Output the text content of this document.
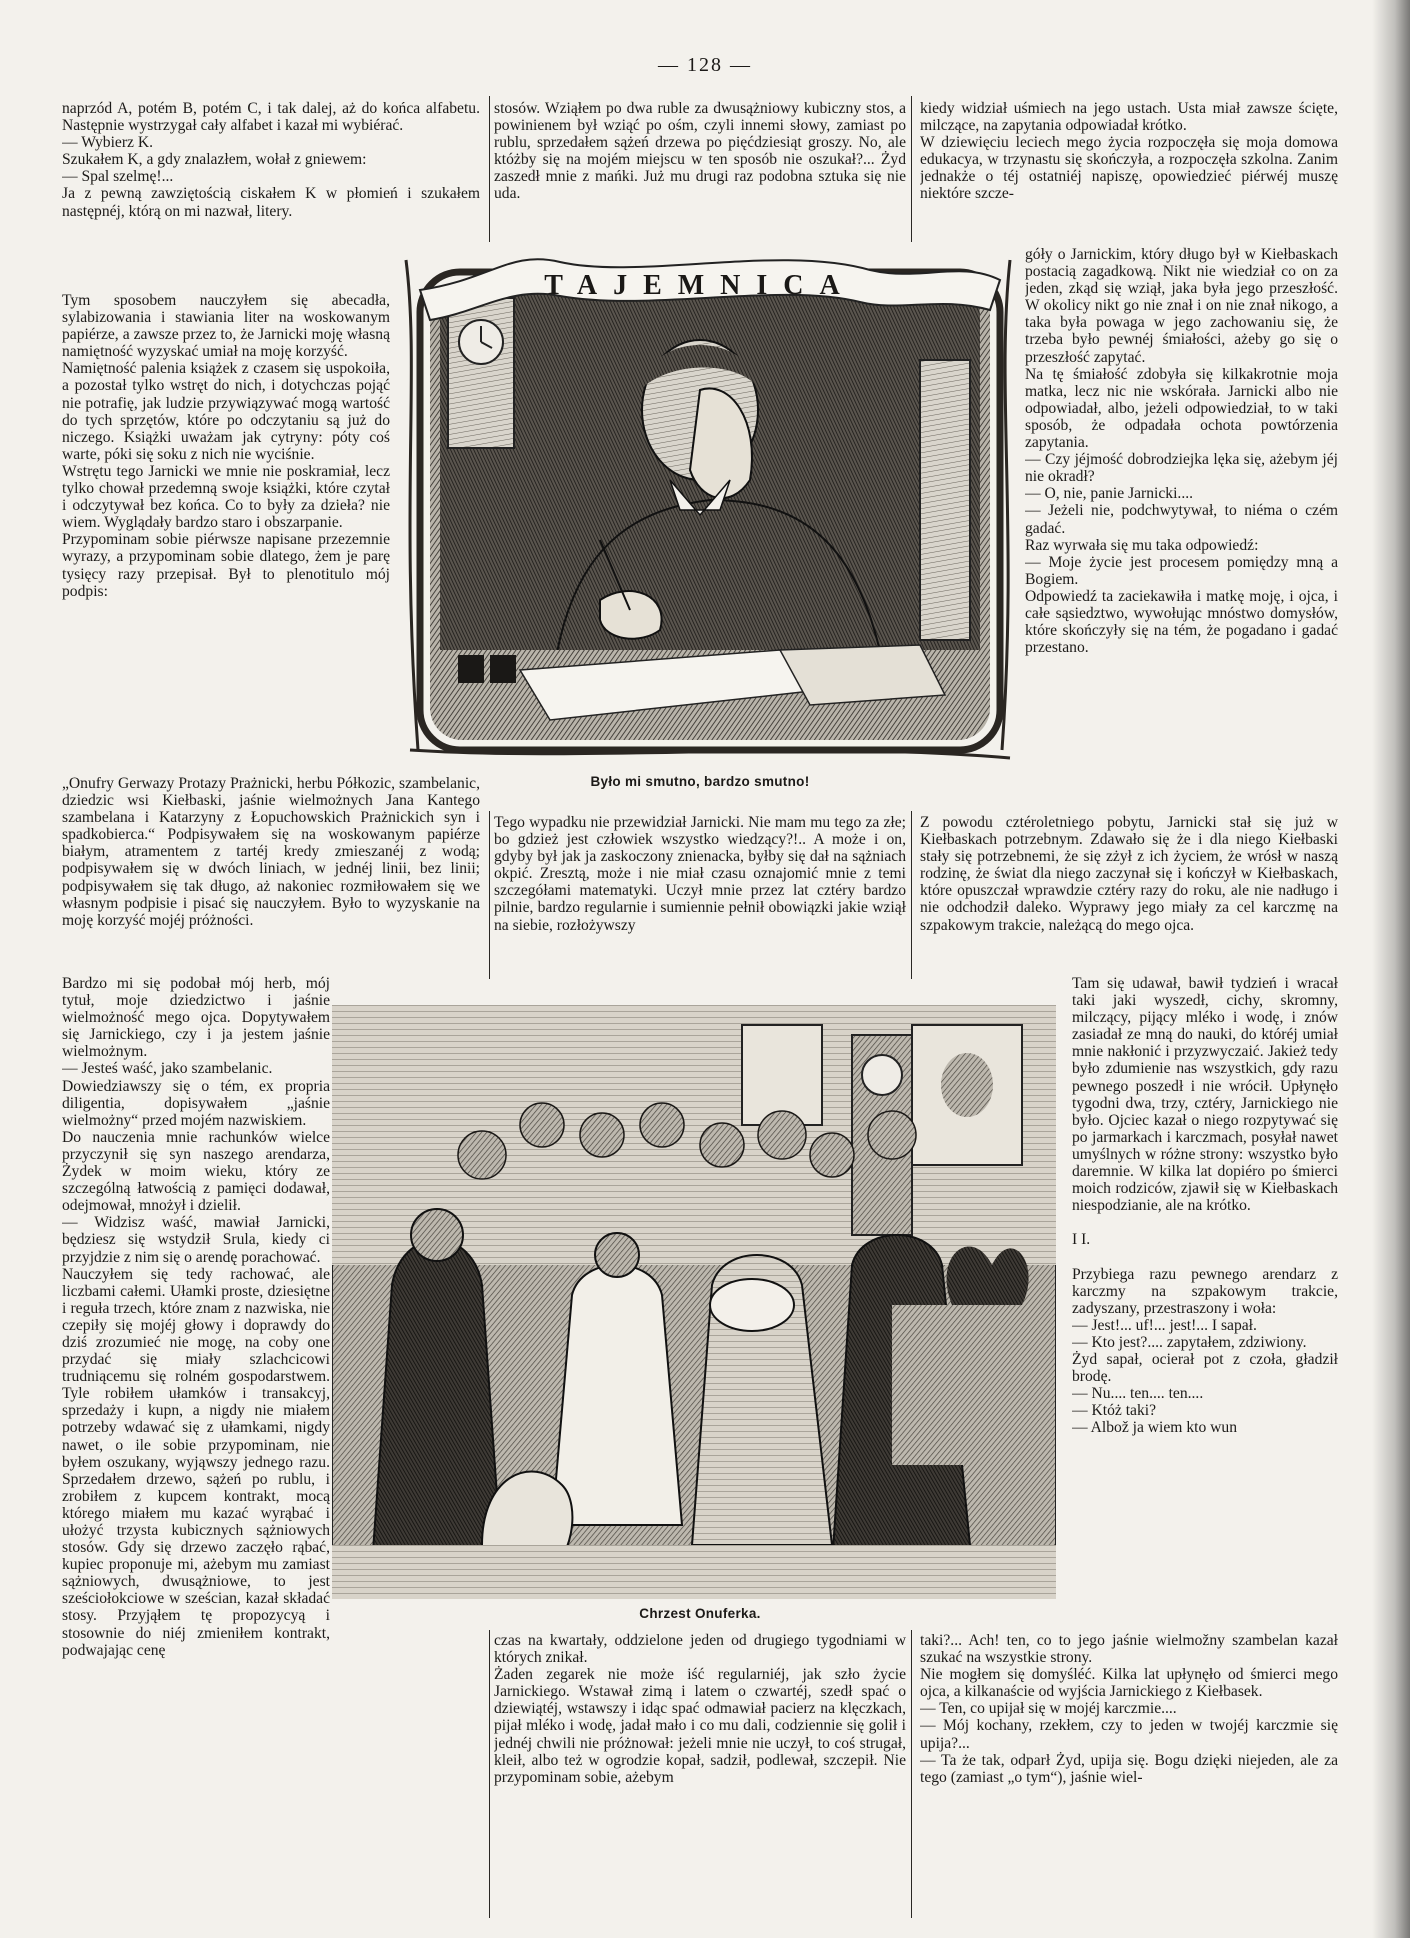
— 128 —
naprzód A, potém B, potém C, i tak dalej, aż do końca alfabetu. Następnie wystrzygał cały alfabet i kazał mi wybiérać.
— Wybierz K.
Szukałem K, a gdy znalazłem, wołał z gniewem:
— Spal szelmę!...
Ja z pewną zawziętością ciskałem K w płomień i szukałem następnéj, którą on mi nazwał, litery.
stosów. Wziąłem po dwa ruble za dwusążniowy kubiczny stos, a powinienem był wziąć po ośm, czyli innemi słowy, zamiast po rublu, sprzedałem sążeń drzewa po pięćdziesiąt groszy. No, ale któżby się na mojém miejscu w ten sposób nie oszukał?... Żyd zaszedł mnie z mańki. Już mu drugi raz podobna sztuka się nie uda.
kiedy widział uśmiech na jego ustach. Usta miał zawsze ścięte, milczące, na zapytania odpowiadał krótko.
W dziewięciu leciech mego życia rozpoczęła się moja domowa edukacya, w trzynastu się skończyła, a rozpoczęła szkolna. Zanim jednakże o téj ostatniéj napiszę, opowiedzieć piérwéj muszę niektóre szcze-
Tym sposobem nauczyłem się abecadła, sylabizowania i stawiania liter na woskowanym papiérze, a zawsze przez to, że Jarnicki moję własną namiętność wyzyskać umiał na moję korzyść.
Namiętność palenia książek z czasem się uspokoiła, a pozostał tylko wstręt do nich, i dotychczas pojąć nie potrafię, jak ludzie przywiązywać mogą wartość do tych sprzętów, które po odczytaniu są już do niczego. Książki uważam jak cytryny: póty coś warte, póki się soku z nich nie wyciśnie.
Wstrętu tego Jarnicki we mnie nie poskramiał, lecz tylko chował przedemną swoje książki, które czytał i odczytywał bez końca. Co to były za dzieła? nie wiem. Wyglądały bardzo staro i obszarpanie.
Przypominam sobie piérwsze napisane przezemnie wyrazy, a przypominam sobie dlatego, żem je parę tysięcy razy przepisał. Był to plenotitulo mój podpis:
„Onufry Gerwazy Protazy Prażnicki, herbu Półkozic, szambelanic, dziedzic wsi Kiełbaski, jaśnie wielmożnych Jana Kantego szambelana i Katarzyny z Łopuchowskich Prażnickich syn i spadkobierca.“ Podpisywałem się na woskowanym papiérze białym, atramentem z tartéj kredy zmieszanéj z wodą; podpisywałem się w dwóch liniach, w jednéj linii, bez linii; podpisywałem się tak długo, aż nakoniec rozmiłowałem się we własnym podpisie i pisać się nauczyłem. Było to wyzyskanie na moję korzyść mojéj próżności.
góły o Jarnickim, który długo był w Kiełbaskach postacią zagadkową. Nikt nie wiedział co on za jeden, zkąd się wziął, jaka była jego przeszłość. W okolicy nikt go nie znał i on nie znał nikogo, a taka była powaga w jego zachowaniu się, że trzeba było pewnéj śmiałości, ażeby go się o przeszłość zapytać.
Na tę śmiałość zdobyła się kilkakrotnie moja matka, lecz nic nie wskórała. Jarnicki albo nie odpowiadał, albo, jeżeli odpowiedział, to w taki sposób, że odpadała ochota powtórzenia zapytania.
— Czy jéjmość dobrodziejka lęka się, ażebym jéj nie okradł?
— O, nie, panie Jarnicki....
— Jeżeli nie, podchwytywał, to niéma o czém gadać.
Raz wyrwała się mu taka odpowiedź:
— Moje życie jest procesem pomiędzy mną a Bogiem.
Odpowiedź ta zaciekawiła i matkę moję, i ojca, i całe sąsiedztwo, wywołując mnóstwo domysłów, które skończyły się na tém, że pogadano i gadać przestano.
Tego wypadku nie przewidział Jarnicki. Nie mam mu tego za złe; bo gdzież jest człowiek wszystko wiedzący?!.. A może i on, gdyby był jak ja zaskoczony znienacka, byłby się dał na sążniach okpić. Zresztą, może i nie miał czasu oznajomić mnie z temi szczegółami matematyki. Uczył mnie przez lat cztéry bardzo pilnie, bardzo regularnie i sumiennie pełnił obowiązki jakie wziął na siebie, rozłożywszy
Z powodu cztéroletniego pobytu, Jarnicki stał się już w Kiełbaskach potrzebnym. Zdawało się że i dla niego Kiełbaski stały się potrzebnemi, że się zżył z ich życiem, że wrósł w naszą rodzinę, że świat dla niego zaczynał się i kończył w Kiełbaskach, które opuszczał wprawdzie cztéry razy do roku, ale nie nadługo i nie odchodził daleko. Wyprawy jego miały za cel karczmę na szpakowym trakcie, należącą do mego ojca.
Bardzo mi się podobał mój herb, mój tytuł, moje dziedzictwo i jaśnie wielmożność mego ojca. Dopytywałem się Jarnickiego, czy i ja jestem jaśnie wielmożnym.
— Jesteś waść, jako szambelanic.
Dowiedziawszy się o tém, ex propria diligentia, dopisywałem „jaśnie wielmożny“ przed mojém nazwiskiem.
Do nauczenia mnie rachunków wielce przyczynił się syn naszego arendarza, Żydek w moim wieku, który ze szczególną łatwością z pamięci dodawał, odejmował, mnożył i dzielił.
— Widzisz waść, mawiał Jarnicki, będziesz się wstydził Srula, kiedy ci przyjdzie z nim się o arendę porachować.
Nauczyłem się tedy rachować, ale liczbami całemi. Ułamki proste, dziesiętne i reguła trzech, które znam z nazwiska, nie czepiły się mojéj głowy i doprawdy do dziś zrozumieć nie mogę, na coby one przydać się miały szlachcicowi trudniącemu się rolném gospodarstwem. Tyle robiłem ułamków i transakcyj, sprzedaży i kupn, a nigdy nie miałem potrzeby wdawać się z ułamkami, nigdy nawet, o ile sobie przypominam, nie byłem oszukany, wyjąwszy jednego razu. Sprzedałem drzewo, sążeń po rublu, i zrobiłem z kupcem kontrakt, mocą którego miałem mu kazać wyrąbać i ułożyć trzysta kubicznych sążniowych stosów. Gdy się drzewo zaczęło rąbać, kupiec proponuje mi, ażebym mu zamiast sążniowych, dwusążniowe, to jest sześciołokciowe w sześcian, kazał składać stosy. Przyjąłem tę propozycyą i stosownie do niéj zmieniłem kontrakt, podwajając cenę
Tam się udawał, bawił tydzień i wracał taki jaki wyszedł, cichy, skromny, milczący, pijący mléko i wodę, i znów zasiadał ze mną do nauki, do któréj umiał mnie nakłonić i przyzwyczaić. Jakież tedy było zdumienie nas wszystkich, gdy razu pewnego poszedł i nie wrócił. Upłynęło tygodni dwa, trzy, cztéry, Jarnickiego nie było. Ojciec kazał o niego rozpytywać się po jarmarkach i karczmach, posyłał nawet umyślnych w różne strony: wszystko było daremnie. W kilka lat dopiéro po śmierci moich rodziców, zjawił się w Kiełbaskach niespodzianie, ale na krótko.

I I.

Przybiega razu pewnego arendarz z karczmy na szpakowym trakcie, zadyszany, przestraszony i woła:
— Jest!... uf!... jest!... I sapał.
— Kto jest?.... zapytałem, zdziwiony.
Żyd sapał, ocierał pot z czoła, gładził brodę.
— Nu.... ten.... ten....
— Któż taki?
— Albož ja wiem kto wun
czas na kwartały, oddzielone jeden od drugiego tygodniami w których znikał.
Żaden zegarek nie może iść regularniéj, jak szło życie Jarnickiego. Wstawał zimą i latem o czwartéj, szedł spać o dziewiątéj, wstawszy i idąc spać odmawiał pacierz na klęczkach, pijał mléko i wodę, jadał mało i co mu dali, codziennie się golił i jednéj chwili nie próżnował: jeżeli mnie nie uczył, to coś strugał, kleił, albo też w ogrodzie kopał, sadził, podlewał, szczepił. Nie przypominam sobie, ażebym
taki?... Ach! ten, co to jego jaśnie wielmožny szambelan kazał szukać na wszystkie strony.
Nie mogłem się domyśléć. Kilka lat upłynęło od śmierci mego ojca, a kilkanaście od wyjścia Jarnickiego z Kiełbasek.
— Ten, co upijał się w mojéj karczmie....
— Mój kochany, rzekłem, czy to jeden w twojéj karczmie się upija?...
— Ta że tak, odparł Żyd, upija się. Bogu dzięki niejeden, ale za tego (zamiast „o tym“), jaśnie wiel-
TAJEMNICA
Było mi smutno, bardzo smutno!
Chrzest Onuferka.
